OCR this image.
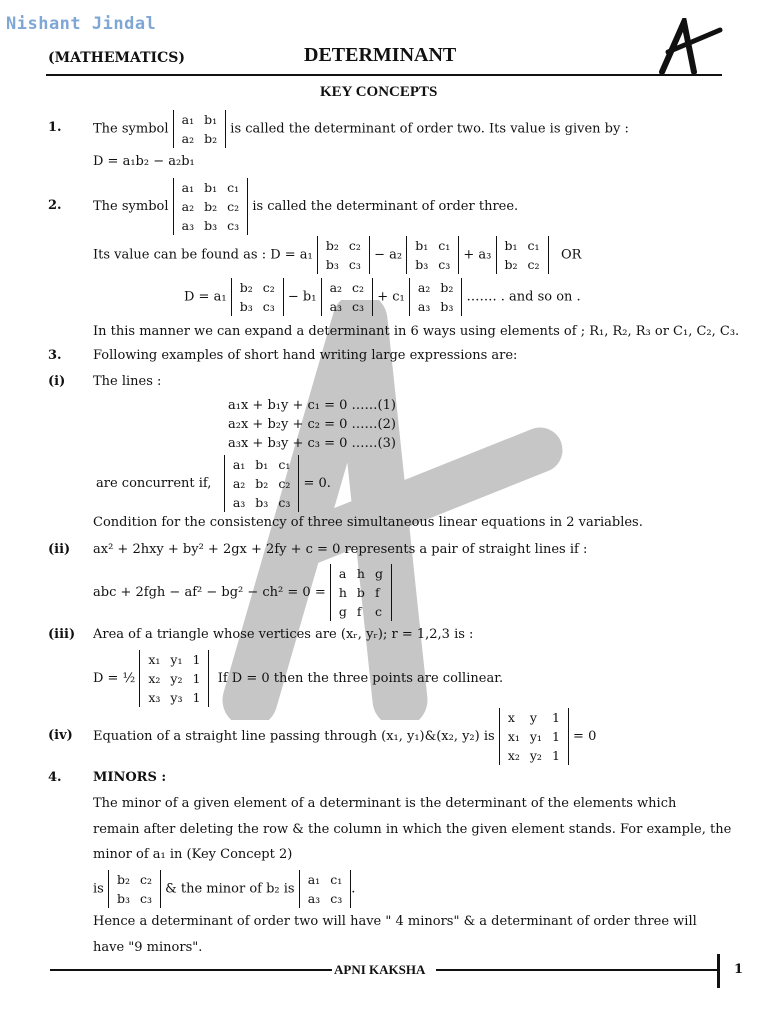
Nishant Jindal
(MATHEMATICS)	DETERMINANT
KEY CONCEPTS
1. The symbol
a₁	b₁
a₂	b₂
is called the determinant of order two. Its value is given by :
D = a₁b₂ − a₂b₁
2. The symbol
a₁	b₁	c₁
a₂	b₂	c₂
a₃	b₃	c₃
is called the determinant of order three.
Its value can be found as : D = a₁
b₂	c₂
b₃	c₃
− a₂
b₁	c₁
b₃	c₃
+ a₃
b₁	c₁
b₂	c₂
OR
D = a₁
b₂	c₂
b₃	c₃
− b₁
a₂	c₂
a₃	c₃
+ c₁
a₂	b₂
a₃	b₃
……. . and so on .
In this manner we can expand a determinant in 6 ways using elements of ; R₁, R₂, R₃ or C₁, C₂, C₃.
3. Following examples of short hand writing large expressions are:
(i) The lines :
a₁x + b₁y + c₁ = 0 ……(1)
a₂x + b₂y + c₂ = 0 ……(2)
a₃x + b₃y + c₃ = 0 ……(3)
are concurrent if,
a₁	b₁	c₁
a₂	b₂	c₂
a₃	b₃	c₃
= 0.
Condition for the consistency of three simultaneous linear equations in 2 variables.
(ii) ax² + 2hxy + by² + 2gx + 2fy + c = 0 represents a pair of straight lines if :
abc + 2fgh − af² − bg² − ch² = 0 =
a	h	g
h	b	f
g	f	c
(iii) Area of a triangle whose vertices are (xᵣ, yᵣ); r = 1,2,3 is :
D = ½
x₁	y₁	1
x₂	y₂	1
x₃	y₃	1
If D = 0 then the three points are collinear.
(iv) Equation of a straight line passing through (x₁, y₁)&(x₂, y₂) is
x	y	1
x₁	y₁	1
x₂	y₂	1
= 0
4. MINORS :
The minor of a given element of a determinant is the determinant of the elements which
remain after deleting the row & the column in which the given element stands. For example, the
minor of a₁ in (Key Concept 2)
is
b₂	c₂
b₃	c₃
& the minor of b₂ is
a₁	c₁
a₃	c₃
.
Hence a determinant of order two will have " 4 minors" & a determinant of order three will
have "9 minors".
APNI KAKSHA	1
